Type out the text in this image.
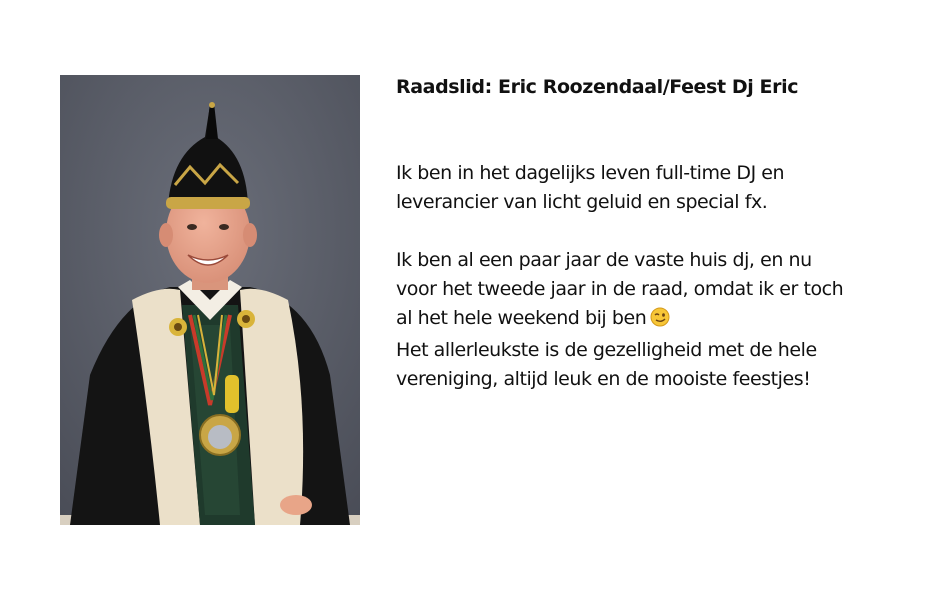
Raadslid: Eric Roozendaal/Feest Dj Eric

Ik ben in het dagelijks leven full-time DJ en
leverancier van licht geluid en special fx.

Ik ben al een paar jaar de vaste huis dj, en nu
voor het tweede jaar in de raad, omdat ik er toch
al het hele weekend bij ben
Het allerleukste is de gezelligheid met de hele
vereniging, altijd leuk en de mooiste feestjes!
